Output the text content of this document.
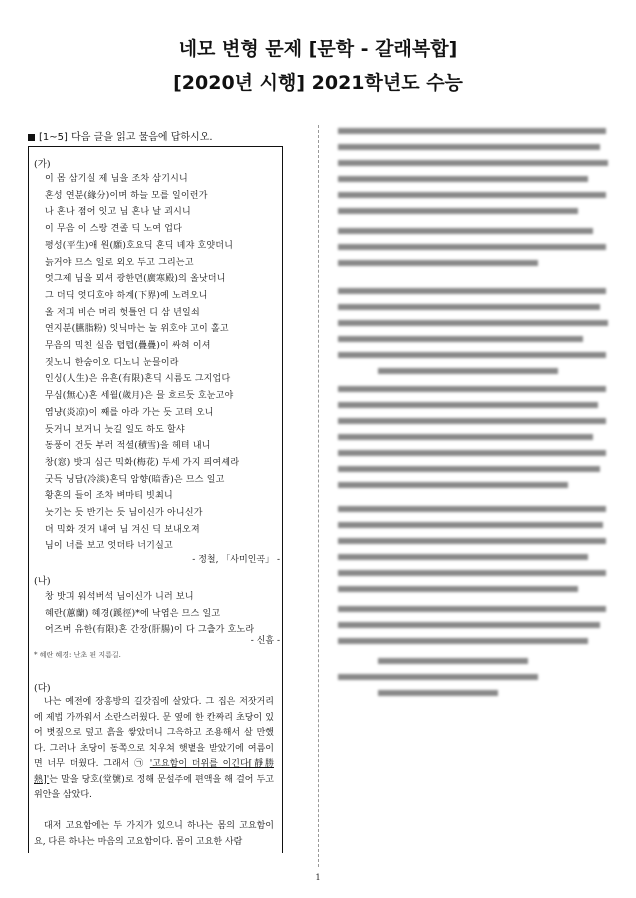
네모 변형 문제 [문학 - 갈래복합]
[2020년 시행] 2021학년도 수능
[1~5] 다음 글을 읽고 물음에 답하시오.
(가)
이 몸 삼기실 제 님을 조차 삼기시니
혼성 연분(緣分)이며 하늘 모를 일이런가
나 혼나 졈어 잇고 님 혼나 날 괴시니
이 무음 이 스랑 견졸 딕 노여 업다
평성(平生)애 원(願)호요딕 혼딕 녜쟈 호얏더니
늙거야 므스 일로 외오 두고 그리는고
엇그제 님을 뫼셔 광한뎐(廣寒殿)의 올낫더니
그 더딕 엇디호야 하계(下界)예 노려오니
올 저긔 비슨 머리 헛틀언 디 삼 년일쇠
연지분(臙脂粉) 잇닉마는 눌 위호야 고이 홀고
무음의 믹친 실음 텹텹(疊疊)이 싸혀 이셔
짓노니 한숨이오 디노니 눈믈이라
인싱(人生)은 유흔(有限)혼딕 시름도 그지업다
무심(無心)혼 세월(歲月)은 믈 흐르듯 호눈고야
염냥(炎凉)이 째를 아라 가는 듯 고텨 오니
듯거니 보거니 늣길 일도 하도 할샤
동풍이 건듯 부러 적셜(積雪)을 헤텨 내니
창(窓) 밧긔 심근 믹화(梅花) 두세 가지 픠여셰라
굿득 닝담(冷淡)혼딕 암향(暗香)은 므스 일고
황혼의 들이 조차 벼마티 빗최니
늣기는 듯 반기는 듯 님이신가 아니신가
뎌 믹화 것거 내여 님 겨신 딕 보내오져
님이 너를 보고 엇더타 너기실고
- 정철, 「사미인곡」 -
(나)
창 밧긔 워석버석 님이신가 니러 보니
혜란(蕙蘭) 혜경(蹊徑)*에 낙엽은 므스 일고
어즈버 유한(有限)혼 간장(肝腸)이 다 그츨가 호노라
- 신흠 -
* 혜란 혜경: 난초 핀 지름길.
(다)
나는 예전에 장흥방의 길갓집에 살았다. 그 집은 저잣거리에 제법 가까워서 소란스러웠다. 문 옆에 한 칸짜리 초당이 있어 볏짚으로 덮고 흙을 쌓았더니 그윽하고 조용해서 살 만했다. 그러나 초당이 동쪽으로 치우쳐 햇볕을 받았기에 여름이면 너무 더웠다. 그래서 ㉠ '고요함이 더위를 이긴다[靜勝熱]'는 말을 당호(堂號)로 정해 문설주에 편액을 해 걸어 두고 위안을 삼았다.
대저 고요함에는 두 가지가 있으니 하나는 몸의 고요함이요, 다른 하나는 마음의 고요함이다. 몸이 고요한 사람
1
